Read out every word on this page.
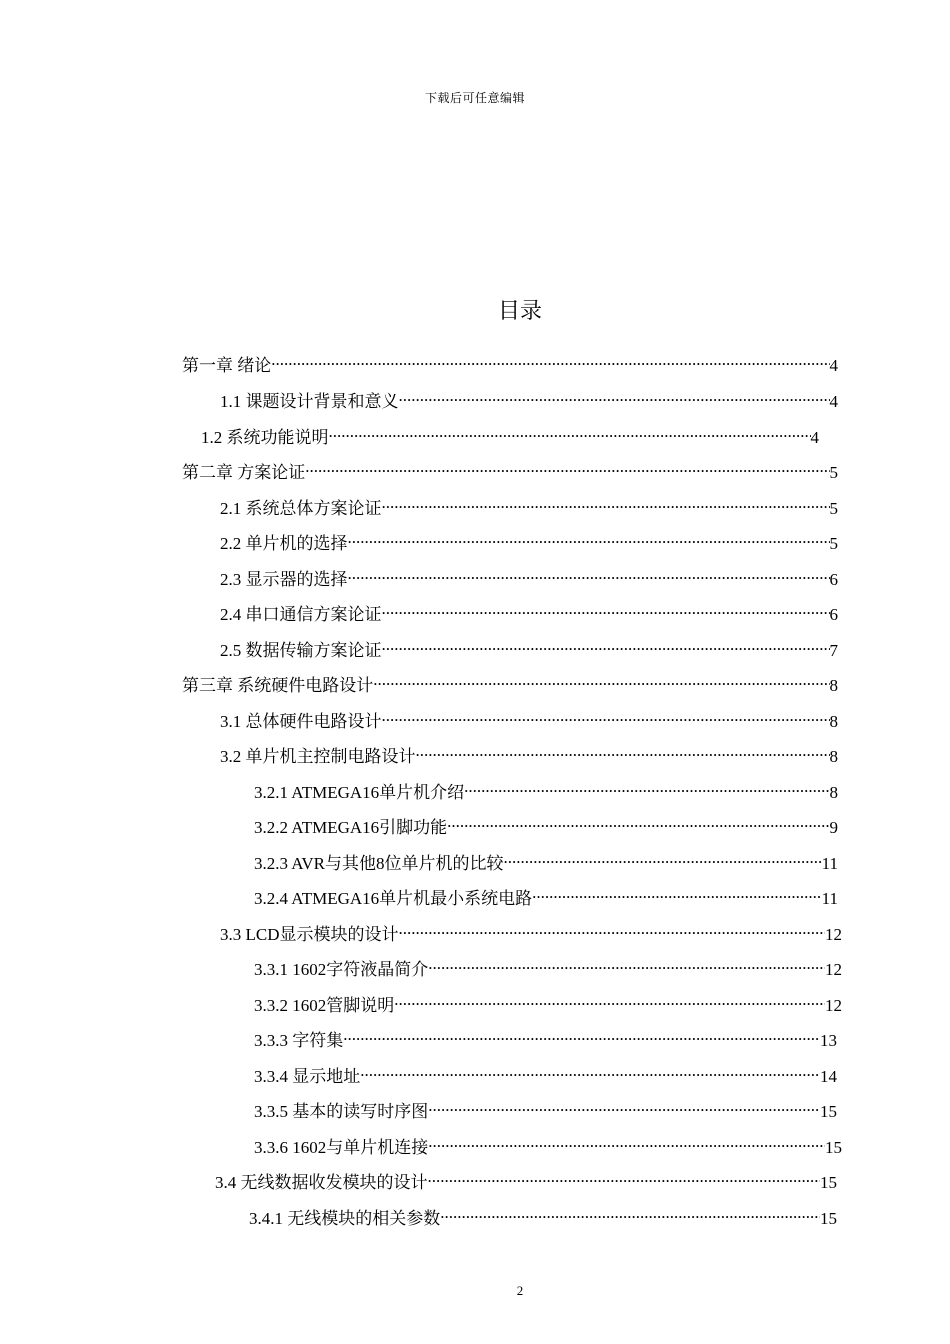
下载后可任意编辑
目录
第一章 绪论 .....	4
1.1 课题设计背景和意义 .....	4
1.2 系统功能说明 .....	4
第二章 方案论证 .....	5
2.1 系统总体方案论证 .....	5
2.2 单片机的选择 .....	5
2.3 显示器的选择 .....	6
2.4 串口通信方案论证 .....	6
2.5 数据传输方案论证 .....	7
第三章 系统硬件电路设计 .....	8
3.1 总体硬件电路设计 .....	8
3.2 单片机主控制电路设计 .....	8
3.2.1 ATMEGA16单片机介绍 .....	8
3.2.2 ATMEGA16引脚功能 .....	9
3.2.3 AVR与其他8位单片机的比较 .....	11
3.2.4 ATMEGA16单片机最小系统电路 .....	11
3.3 LCD显示模块的设计 .....	12
3.3.1 1602字符液晶简介 .....	12
3.3.2 1602管脚说明 .....	12
3.3.3 字符集 .....	13
3.3.4 显示地址 .....	14
3.3.5 基本的读写时序图 .....	15
3.3.6 1602与单片机连接 .....	15
3.4 无线数据收发模块的设计 .....	15
3.4.1 无线模块的相关参数 .....	15
2
